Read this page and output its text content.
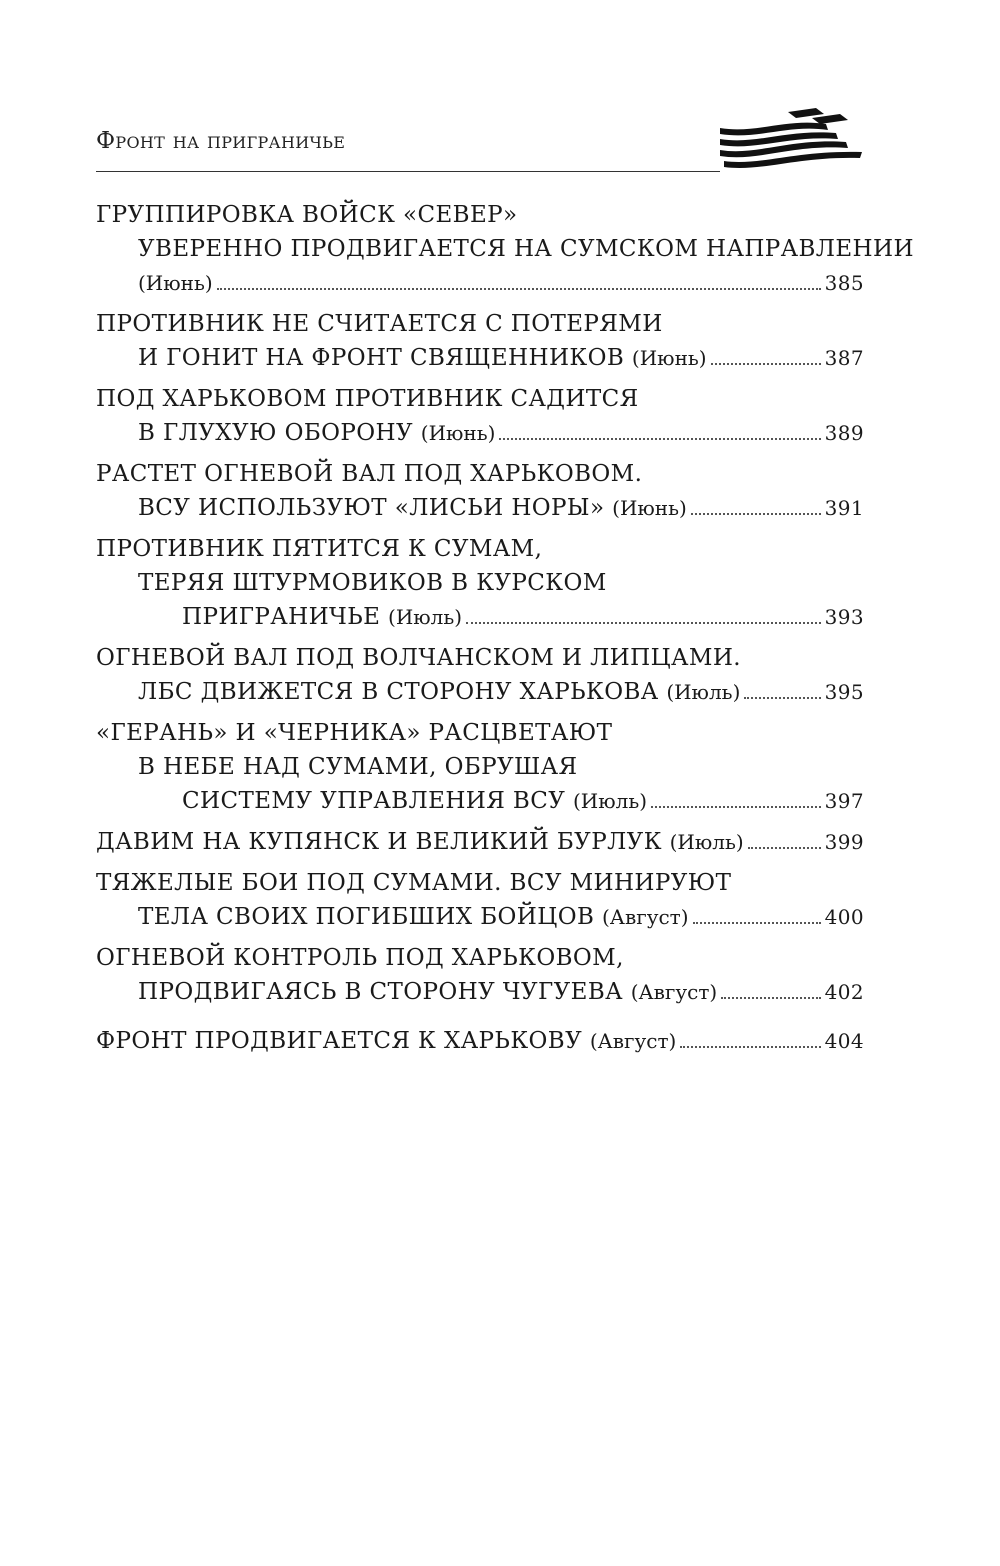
Фронт на приграничье
ГРУППИРОВКА ВОЙСК «СЕВЕР»
УВЕРЕННО ПРОДВИГАЕТСЯ НА СУМСКОМ НАПРАВЛЕНИИ
(Июнь)	385
ПРОТИВНИК НЕ СЧИТАЕТСЯ С ПОТЕРЯМИ
И ГОНИТ НА ФРОНТ СВЯЩЕННИКОВ
(Июнь)	387
ПОД ХАРЬКОВОМ ПРОТИВНИК САДИТСЯ
В ГЛУХУЮ ОБОРОНУ
(Июнь)	389
РАСТЕТ ОГНЕВОЙ ВАЛ ПОД ХАРЬКОВОМ.
ВСУ ИСПОЛЬЗУЮТ «ЛИСЬИ НОРЫ»
(Июнь)	391
ПРОТИВНИК ПЯТИТСЯ К СУМАМ,
ТЕРЯЯ ШТУРМОВИКОВ В КУРСКОМ
ПРИГРАНИЧЬЕ
(Июль)	393
ОГНЕВОЙ ВАЛ ПОД ВОЛЧАНСКОМ И ЛИПЦАМИ.
ЛБС ДВИЖЕТСЯ В СТОРОНУ ХАРЬКОВА
(Июль)	395
«ГЕРАНЬ» И «ЧЕРНИКА» РАСЦВЕТАЮТ
В НЕБЕ НАД СУМАМИ, ОБРУШАЯ
СИСТЕМУ УПРАВЛЕНИЯ ВСУ
(Июль)	397
ДАВИМ НА КУПЯНСК И ВЕЛИКИЙ БУРЛУК
(Июль)	399
ТЯЖЕЛЫЕ БОИ ПОД СУМАМИ. ВСУ МИНИРУЮТ
ТЕЛА СВОИХ ПОГИБШИХ БОЙЦОВ
(Август)	400
ОГНЕВОЙ КОНТРОЛЬ ПОД ХАРЬКОВОМ,
ПРОДВИГАЯСЬ В СТОРОНУ ЧУГУЕВА
(Август)	402
ФРОНТ ПРОДВИГАЕТСЯ К ХАРЬКОВУ
(Август)	404
